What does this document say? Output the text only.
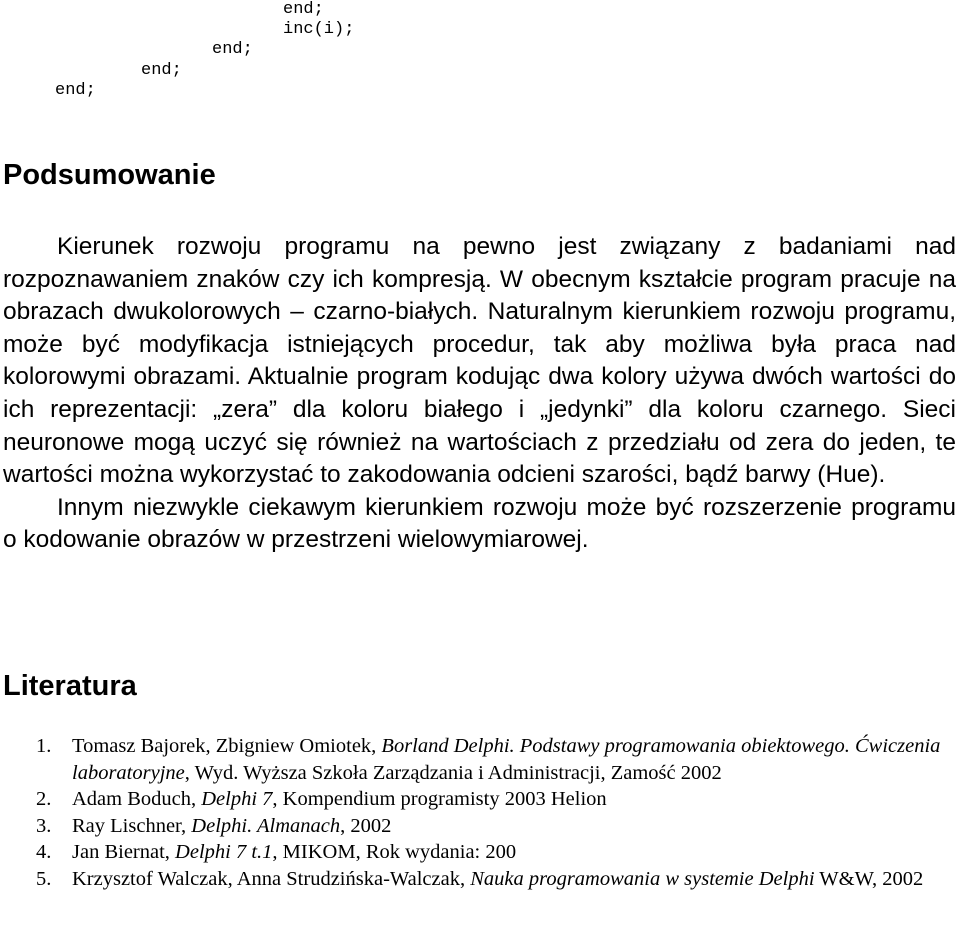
end;
inc(i);
end;
end;
end;
Podsumowanie

Kierunek rozwoju programu na pewno jest związany z badaniami nad rozpoznawaniem znaków czy ich kompresją. W obecnym kształcie program pracuje na obrazach dwukolorowych – czarno-białych. Naturalnym kierunkiem rozwoju programu, może być modyfikacja istniejących procedur, tak aby możliwa była praca nad kolorowymi obrazami. Aktualnie program kodując dwa kolory używa dwóch wartości do ich reprezentacji: „zera” dla koloru białego i „jedynki” dla koloru czarnego. Sieci neuronowe mogą uczyć się również na wartościach z przedziału od zera do jeden, te wartości można wykorzystać to zakodowania odcieni szarości, bądź barwy (Hue).

Innym niezwykle ciekawym kierunkiem rozwoju może być rozszerzenie programu o kodowanie obrazów w przestrzeni wielowymiarowej.

Literatura
1. Tomasz Bajorek, Zbigniew Omiotek, Borland Delphi. Podstawy programowania obiektowego. Ćwiczenia laboratoryjne, Wyd. Wyższa Szkoła Zarządzania i Administracji, Zamość 2002
2. Adam Boduch, Delphi 7, Kompendium programisty 2003 Helion
3. Ray Lischner, Delphi. Almanach, 2002
4. Jan Biernat, Delphi 7 t.1, MIKOM, Rok wydania: 200
5. Krzysztof Walczak, Anna Strudzińska-Walczak, Nauka programowania w systemie Delphi W&W, 2002
